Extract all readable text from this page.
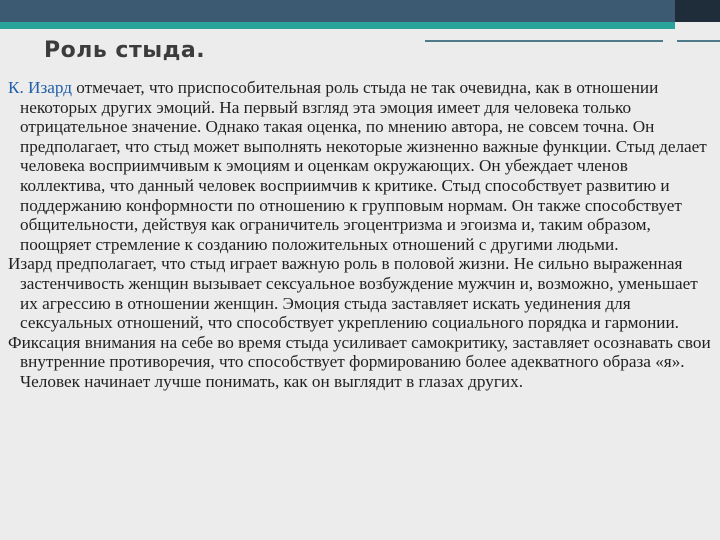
Роль стыда.

К. Изард отмечает, что приспособительная роль стыда не так очевидна, как в отношении некоторых других эмоций. На первый взгляд эта эмоция имеет для человека только отрицательное значение. Однако такая оценка, по мнению автора, не совсем точна. Он предполагает, что стыд может выполнять некоторые жизненно важные функции. Стыд делает человека восприимчивым к эмоциям и оценкам окружающих. Он убеждает членов коллектива, что данный человек восприимчив к критике. Стыд способствует развитию и поддержанию конформности по отношению к групповым нормам. Он также способствует общительности, действуя как ограничитель эгоцентризма и эгоизма и, таким образом, поощряет стремление к созданию положительных отношений с другими людьми.

Изард предполагает, что стыд играет важную роль в половой жизни. Не сильно выраженная застенчивость женщин вызывает сексуальное возбуждение мужчин и, возможно, уменьшает их агрессию в отношении женщин. Эмоция стыда заставляет искать уединения для сексуальных отношений, что способствует укреплению социального порядка и гармонии.

Фиксация внимания на себе во время стыда усиливает самокритику, заставляет осознавать свои внутренние противоречия, что способствует формированию более адекватного образа «я». Человек начинает лучше понимать, как он выглядит в глазах других.
